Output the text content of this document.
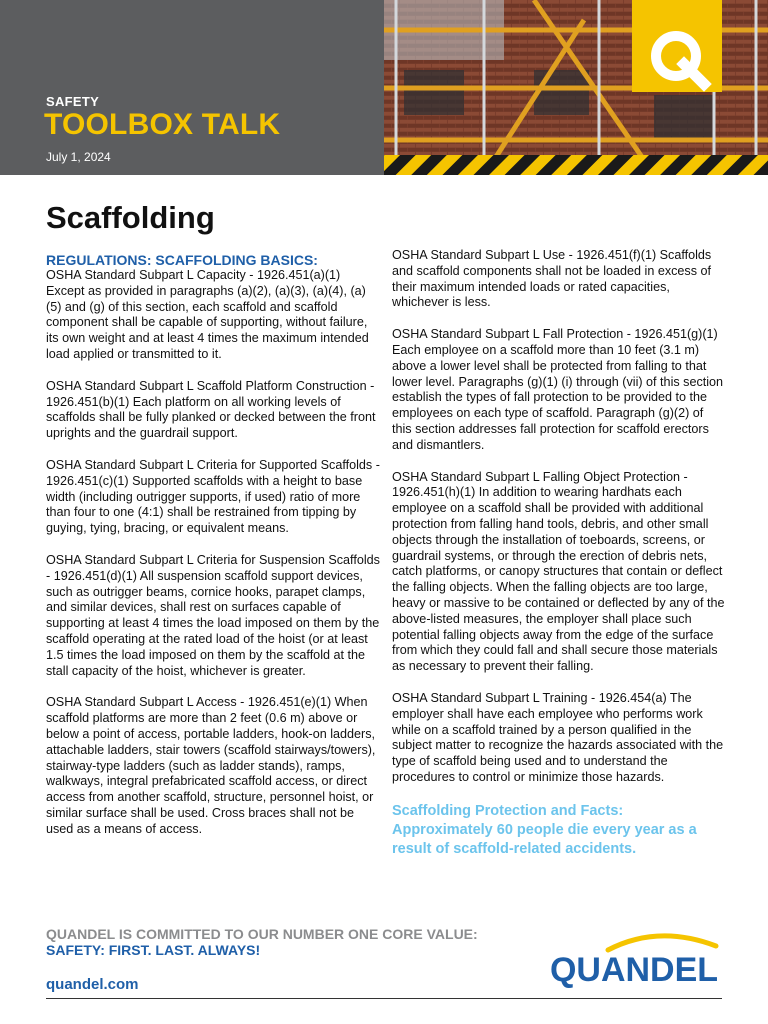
SAFETY
TOOLBOX TALK
July 1, 2024
Scaffolding
REGULATIONS: SCAFFOLDING BASICS:

OSHA Standard Subpart L Capacity - 1926.451(a)(1) Except as provided in paragraphs (a)(2), (a)(3), (a)(4), (a)(5) and (g) of this section, each scaffold and scaffold component shall be capable of supporting, without failure, its own weight and at least 4 times the maximum intended load applied or transmitted to it.

OSHA Standard Subpart L Scaffold Platform Construction - 1926.451(b)(1) Each platform on all working levels of scaffolds shall be fully planked or decked between the front uprights and the guardrail support.

OSHA Standard Subpart L Criteria for Supported Scaffolds - 1926.451(c)(1) Supported scaffolds with a height to base width (including outrigger supports, if used) ratio of more than four to one (4:1) shall be restrained from tipping by guying, tying, bracing, or equivalent means.

OSHA Standard Subpart L Criteria for Suspension Scaffolds - 1926.451(d)(1) All suspension scaffold support devices, such as outrigger beams, cornice hooks, parapet clamps, and similar devices, shall rest on surfaces capable of supporting at least 4 times the load imposed on them by the scaffold operating at the rated load of the hoist (or at least 1.5 times the load imposed on them by the scaffold at the stall capacity of the hoist, whichever is greater.

OSHA Standard Subpart L Access - 1926.451(e)(1) When scaffold platforms are more than 2 feet (0.6 m) above or below a point of access, portable ladders, hook-on ladders, attachable ladders, stair towers (scaffold stairways/towers), stairway-type ladders (such as ladder stands), ramps, walkways, integral prefabricated scaffold access, or direct access from another scaffold, structure, personnel hoist, or similar surface shall be used. Cross braces shall not be used as a means of access.

OSHA Standard Subpart L Use - 1926.451(f)(1) Scaffolds and scaffold components shall not be loaded in excess of their maximum intended loads or rated capacities, whichever is less.

OSHA Standard Subpart L Fall Protection - 1926.451(g)(1) Each employee on a scaffold more than 10 feet (3.1 m) above a lower level shall be protected from falling to that lower level. Paragraphs (g)(1) (i) through (vii) of this section establish the types of fall protection to be provided to the employees on each type of scaffold. Paragraph (g)(2) of this section addresses fall protection for scaffold erectors and dismantlers.

OSHA Standard Subpart L Falling Object Protection - 1926.451(h)(1) In addition to wearing hardhats each employee on a scaffold shall be provided with additional protection from falling hand tools, debris, and other small objects through the installation of toeboards, screens, or guardrail systems, or through the erection of debris nets, catch platforms, or canopy structures that contain or deflect the falling objects. When the falling objects are too large, heavy or massive to be contained or deflected by any of the above-listed measures, the employer shall place such potential falling objects away from the edge of the surface from which they could fall and shall secure those materials as necessary to prevent their falling.

OSHA Standard Subpart L Training - 1926.454(a) The employer shall have each employee who performs work while on a scaffold trained by a person qualified in the subject matter to recognize the hazards associated with the type of scaffold being used and to understand the procedures to control or minimize those hazards.

Scaffolding Protection and Facts: Approximately 60 people die every year as a result of scaffold-related accidents.
QUANDEL IS COMMITTED TO OUR NUMBER ONE CORE VALUE:
SAFETY: FIRST. LAST. ALWAYS!
quandel.com	QUANDEL
